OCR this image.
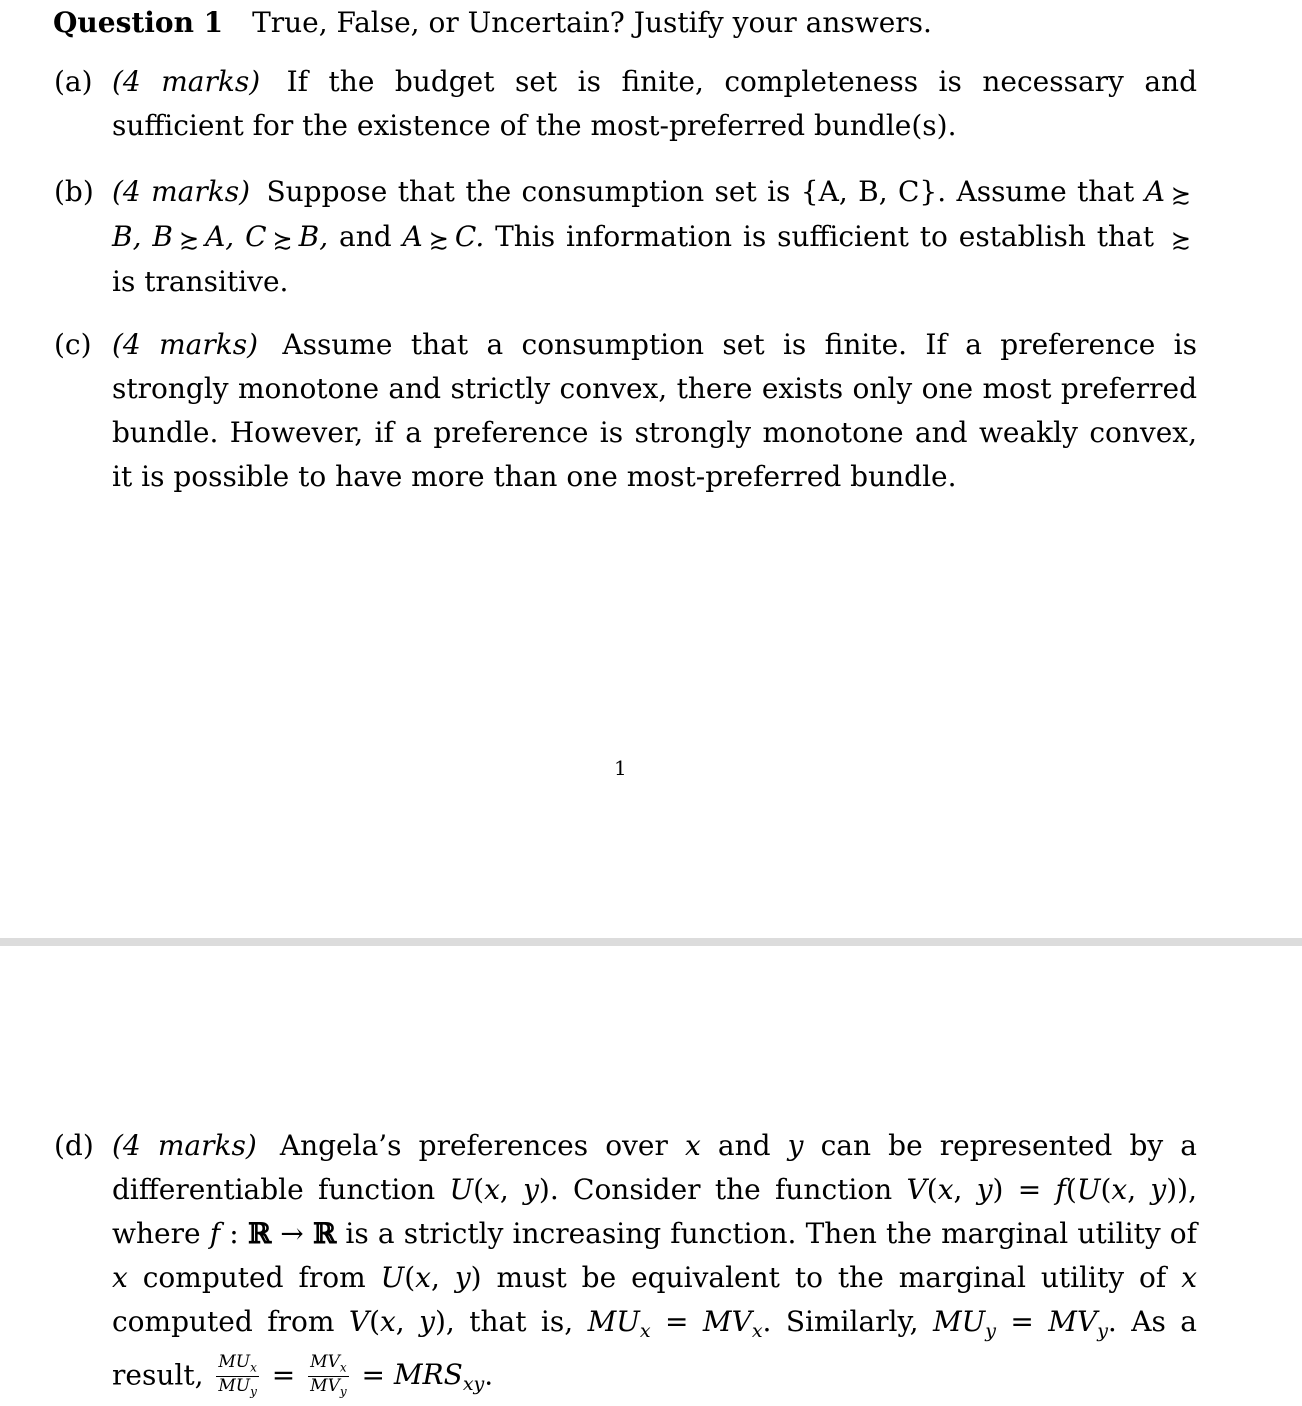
Question 1 True, False, or Uncertain? Justify your answers.
(a) (4 marks) If the budget set is finite, completeness is necessary and sufficient for the existence of the most-preferred bundle(s).
(b) (4 marks) Suppose that the consumption set is {A, B, C}. Assume that A ≿B, B ≿ A, C ≿ B, and A ≿ C. This information is sufficient to establish that ≿ is transitive.
(c) (4 marks) Assume that a consumption set is finite. If a preference is strongly monotone and strictly convex, there exists only one most preferred bundle. However, if a preference is strongly monotone and weakly convex, it is possible to have more than one most-preferred bundle.
1
(d) (4 marks) Angela’s preferences over x and y can be represented by a differentiable function U(x, y). Consider the function V(x, y) = f(U(x, y)), where f : ℝ → ℝ is a strictly increasing function. Then the marginal utility of x computed from U(x, y) must be equivalent to the marginal utility of x computed from V(x, y), that is, $MU_x = MV_x$. Similarly, $MU_y = MV_y$. As a result, $\frac{MU_x}{MU_y} = \frac{MV_x}{MV_y} = MRS_{xy}$.
